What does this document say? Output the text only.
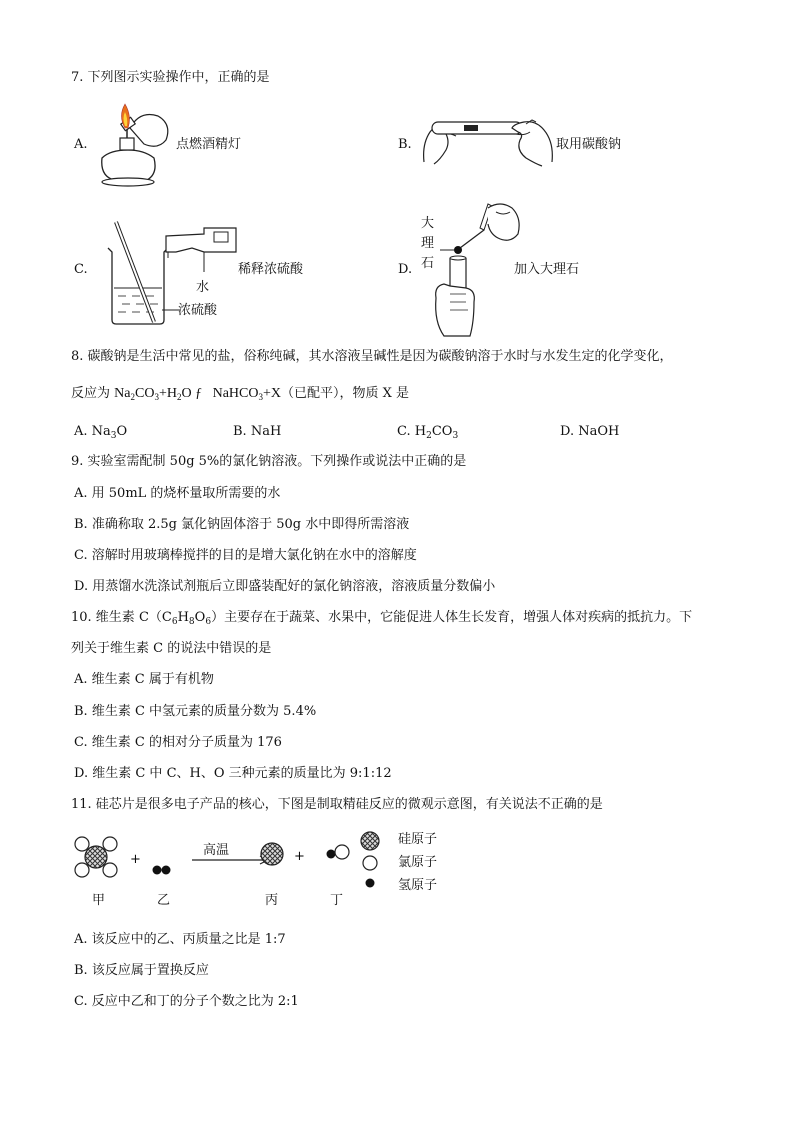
7. 下列图示实验操作中，正确的是
A.	点燃酒精灯	B.	取用碳酸钠
C.	稀释浓硫酸
水
浓硫酸
D.
大
理
石	加入大理石
8. 碳酸钠是生活中常见的盐，俗称纯碱，其水溶液呈碱性是因为碳酸钠溶于水时与水发生定的化学变化，
反应为 $Na_2CO_3+H_2O$ ƒ NaHCO$_3$+X（已配平），物质 X 是
A. $Na_3O$	B. NaH	C. $H_2CO_3$	D. NaOH
9. 实验室需配制 50g 5%的氯化钠溶液。下列操作或说法中正确的是
A. 用 50mL 的烧杯量取所需要的水
B. 准确称取 2.5g 氯化钠固体溶于 50g 水中即得所需溶液
C. 溶解时用玻璃棒搅拌的目的是增大氯化钠在水中的溶解度
D. 用蒸馏水洗涤试剂瓶后立即盛装配好的氯化钠溶液，溶液质量分数偏小
10. 维生素 $C(C_6H_8O_6)$主要存在于蔬菜、水果中，它能促进人体生长发育，增强人体对疾病的抵抗力。下
列关于维生素 C 的说法中错误的是
A. 维生素 C 属于有机物
B. 维生素 C 中氢元素的质量分数为 5.4%
C. 维生素 C 的相对分子质量为 176
D. 维生素 C 中 C、H、O 三种元素的质量比为 9:1:12
11. 硅芯片是很多电子产品的核心，下图是制取精硅反应的微观示意图，有关说法不正确的是
+	+
高温
甲	乙	丙	丁
硅原子
氯原子
氢原子
A. 该反应中的乙、丙质量之比是 1:7
B. 该反应属于置换反应
C. 反应中乙和丁的分子个数之比为 2:1
